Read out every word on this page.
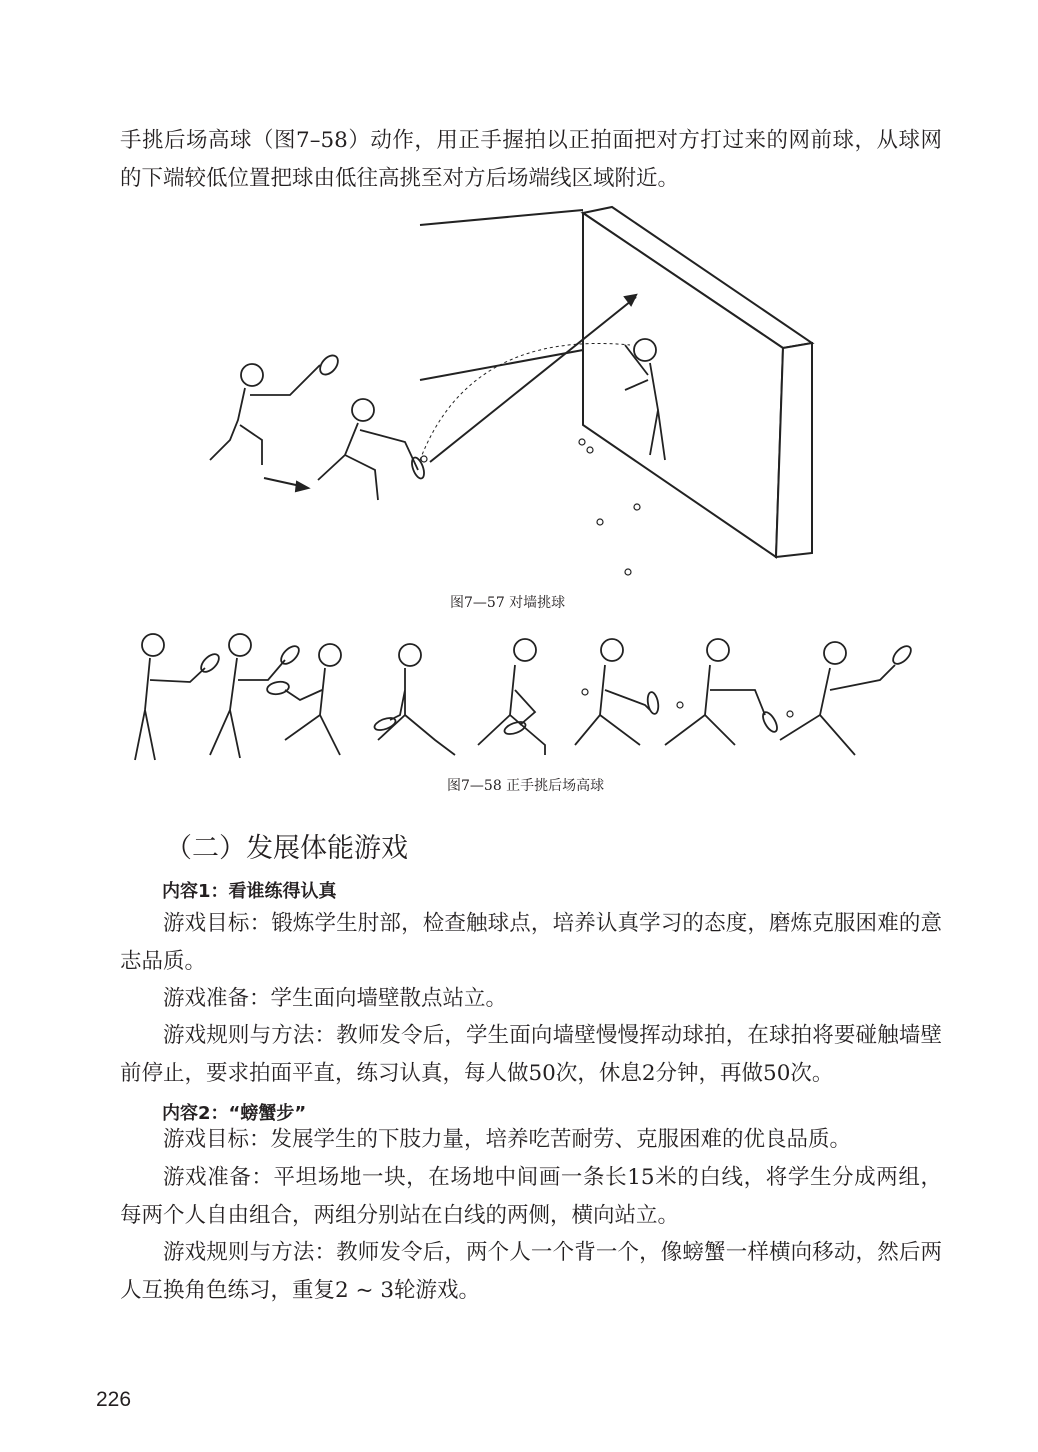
手挑后场高球（图7–58）动作，用正手握拍以正拍面把对方打过来的网前球，从球网的下端较低位置把球由低往高挑至对方后场端线区域附近。
图7—57 对墙挑球
图7—58 正手挑后场高球
（二）发展体能游戏
内容1：看谁练得认真
游戏目标：锻炼学生肘部，检查触球点，培养认真学习的态度，磨炼克服困难的意志品质。
游戏准备：学生面向墙壁散点站立。
游戏规则与方法：教师发令后，学生面向墙壁慢慢挥动球拍，在球拍将要碰触墙壁前停止，要求拍面平直，练习认真，每人做50次，休息2分钟，再做50次。
内容2：“螃蟹步”
游戏目标：发展学生的下肢力量，培养吃苦耐劳、克服困难的优良品质。
游戏准备：平坦场地一块，在场地中间画一条长15米的白线，将学生分成两组，每两个人自由组合，两组分别站在白线的两侧，横向站立。
游戏规则与方法：教师发令后，两个人一个背一个，像螃蟹一样横向移动，然后两人互换角色练习，重复2 ~ 3轮游戏。
226
